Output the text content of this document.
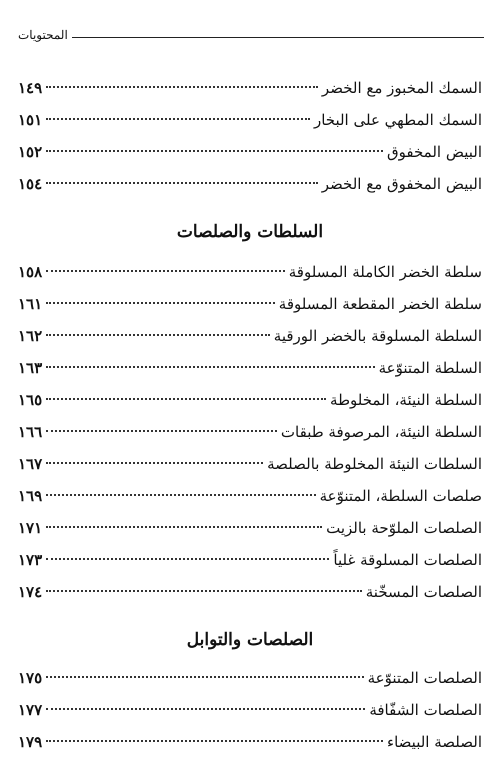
المحتويات
السمك المخبوز مع الخضر
١٤٩
السمك المطهي على البخار
١٥١
البيض المخفوق
١٥٢
البيض المخفوق مع الخضر
١٥٤
السلطات والصلصات
سلطة الخضر الكاملة المسلوقة
١٥٨
سلطة الخضر المقطعة المسلوقة
١٦١
السلطة المسلوقة بالخضر الورقية
١٦٢
السلطة المتنوّعة
١٦٣
السلطة النيئة، المخلوطة
١٦٥
السلطة النيئة، المرصوفة طبقات
١٦٦
السلطات النيئة المخلوطة بالصلصة
١٦٧
صلصات السلطة، المتنوّعة
١٦٩
الصلصات الملوّحة بالزيت
١٧١
الصلصات المسلوقة غلياً
١٧٣
الصلصات المسخّنة
١٧٤
الصلصات والتوابل
الصلصات المتنوّعة
١٧٥
الصلصات الشفّافة
١٧٧
الصلصة البيضاء
١٧٩
